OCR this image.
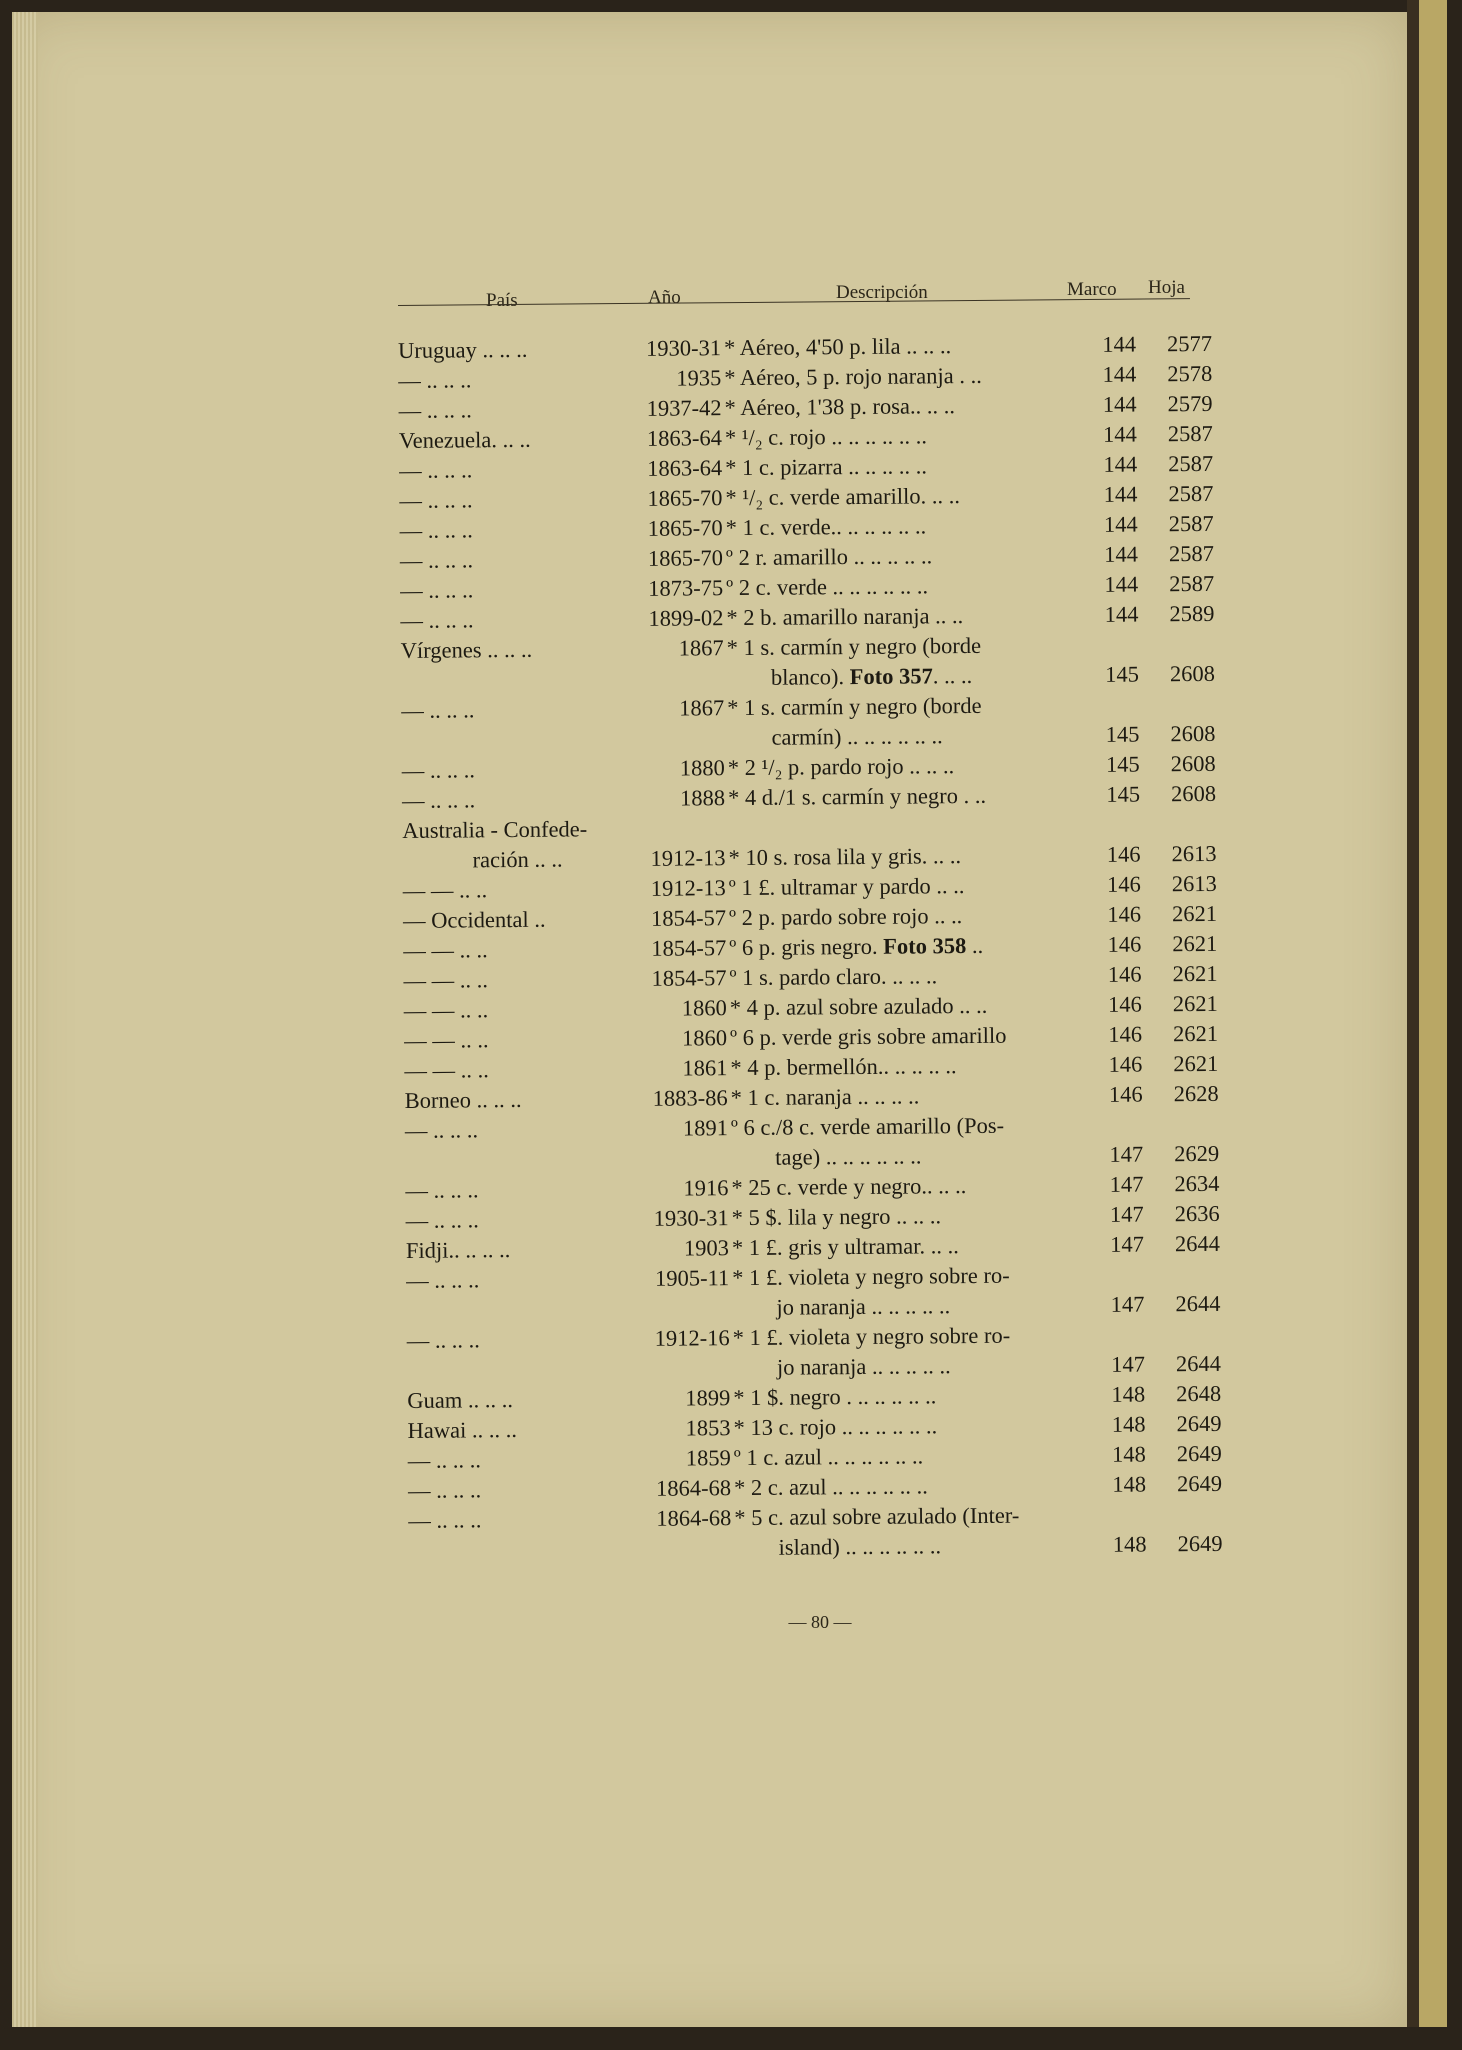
País	Año	Descripción	Marco Hoja
Uruguay .. .. ..	1930-31 * Aéreo, 4'50 p. lila .. .. ..	144	2577
— .. .. ..	1935 * Aéreo, 5 p. rojo naranja . ..	144	2578
— .. .. ..	1937-42 * Aéreo, 1'38 p. rosa.. .. ..	144	2579
Venezuela. .. ..	1863-64 * ¹/₂ c. rojo .. .. .. .. .. ..	144	2587
— .. .. ..	1863-64 * 1 c. pizarra .. .. .. .. ..	144	2587
— .. .. ..	1865-70 * ¹/₂ c. verde amarillo. .. ..	144	2587
— .. .. ..	1865-70 * 1 c. verde.. .. .. .. .. ..	144	2587
— .. .. ..	1865-70 º 2 r. amarillo .. .. .. .. ..	144	2587
— .. .. ..	1873-75 º 2 c. verde .. .. .. .. .. ..	144	2587
— .. .. ..	1899-02 * 2 b. amarillo naranja .. ..	144	2589
Vírgenes .. .. ..	1867 * 1 s. carmín y negro (borde
blanco). Foto 357. .. ..	145	2608
— .. .. ..	1867 * 1 s. carmín y negro (borde
carmín) .. .. .. .. .. ..	145	2608
— .. .. ..	1880 * 2 ¹/₂ p. pardo rojo .. .. ..	145	2608
— .. .. ..	1888 * 4 d./1 s. carmín y negro . ..	145	2608
Australia - Confede-
ración .. ..	1912-13 * 10 s. rosa lila y gris. .. ..	146	2613
— — .. ..	1912-13 º 1 £. ultramar y pardo .. ..	146	2613
— Occidental ..	1854-57 º 2 p. pardo sobre rojo .. ..	146	2621
— — .. ..	1854-57 º 6 p. gris negro. Foto 358 ..	146	2621
— — .. ..	1854-57 º 1 s. pardo claro. .. .. ..	146	2621
— — .. ..	1860 * 4 p. azul sobre azulado .. ..	146	2621
— — .. ..	1860 º 6 p. verde gris sobre amarillo	146	2621
— — .. ..	1861 * 4 p. bermellón.. .. .. .. ..	146	2621
Borneo .. .. ..	1883-86 * 1 c. naranja .. .. .. ..	146	2628
— .. .. ..	1891 º 6 c./8 c. verde amarillo (Pos-
tage) .. .. .. .. .. ..	147	2629
— .. .. ..	1916 * 25 c. verde y negro.. .. ..	147	2634
— .. .. ..	1930-31 * 5 $. lila y negro .. .. ..	147	2636
Fidji.. .. .. ..	1903 * 1 £. gris y ultramar. .. ..	147	2644
— .. .. ..	1905-11 * 1 £. violeta y negro sobre ro-
jo naranja .. .. .. .. ..	147	2644
— .. .. ..	1912-16 * 1 £. violeta y negro sobre ro-
jo naranja .. .. .. .. ..	147	2644
Guam .. .. ..	1899 * 1 $. negro . .. .. .. .. ..	148	2648
Hawai .. .. ..	1853 * 13 c. rojo .. .. .. .. .. ..	148	2649
— .. .. ..	1859 º 1 c. azul .. .. .. .. .. ..	148	2649
— .. .. ..	1864-68 * 2 c. azul .. .. .. .. .. ..	148	2649
— .. .. ..	1864-68 * 5 c. azul sobre azulado (Inter-
island) .. .. .. .. .. ..	148	2649
— 80 —
